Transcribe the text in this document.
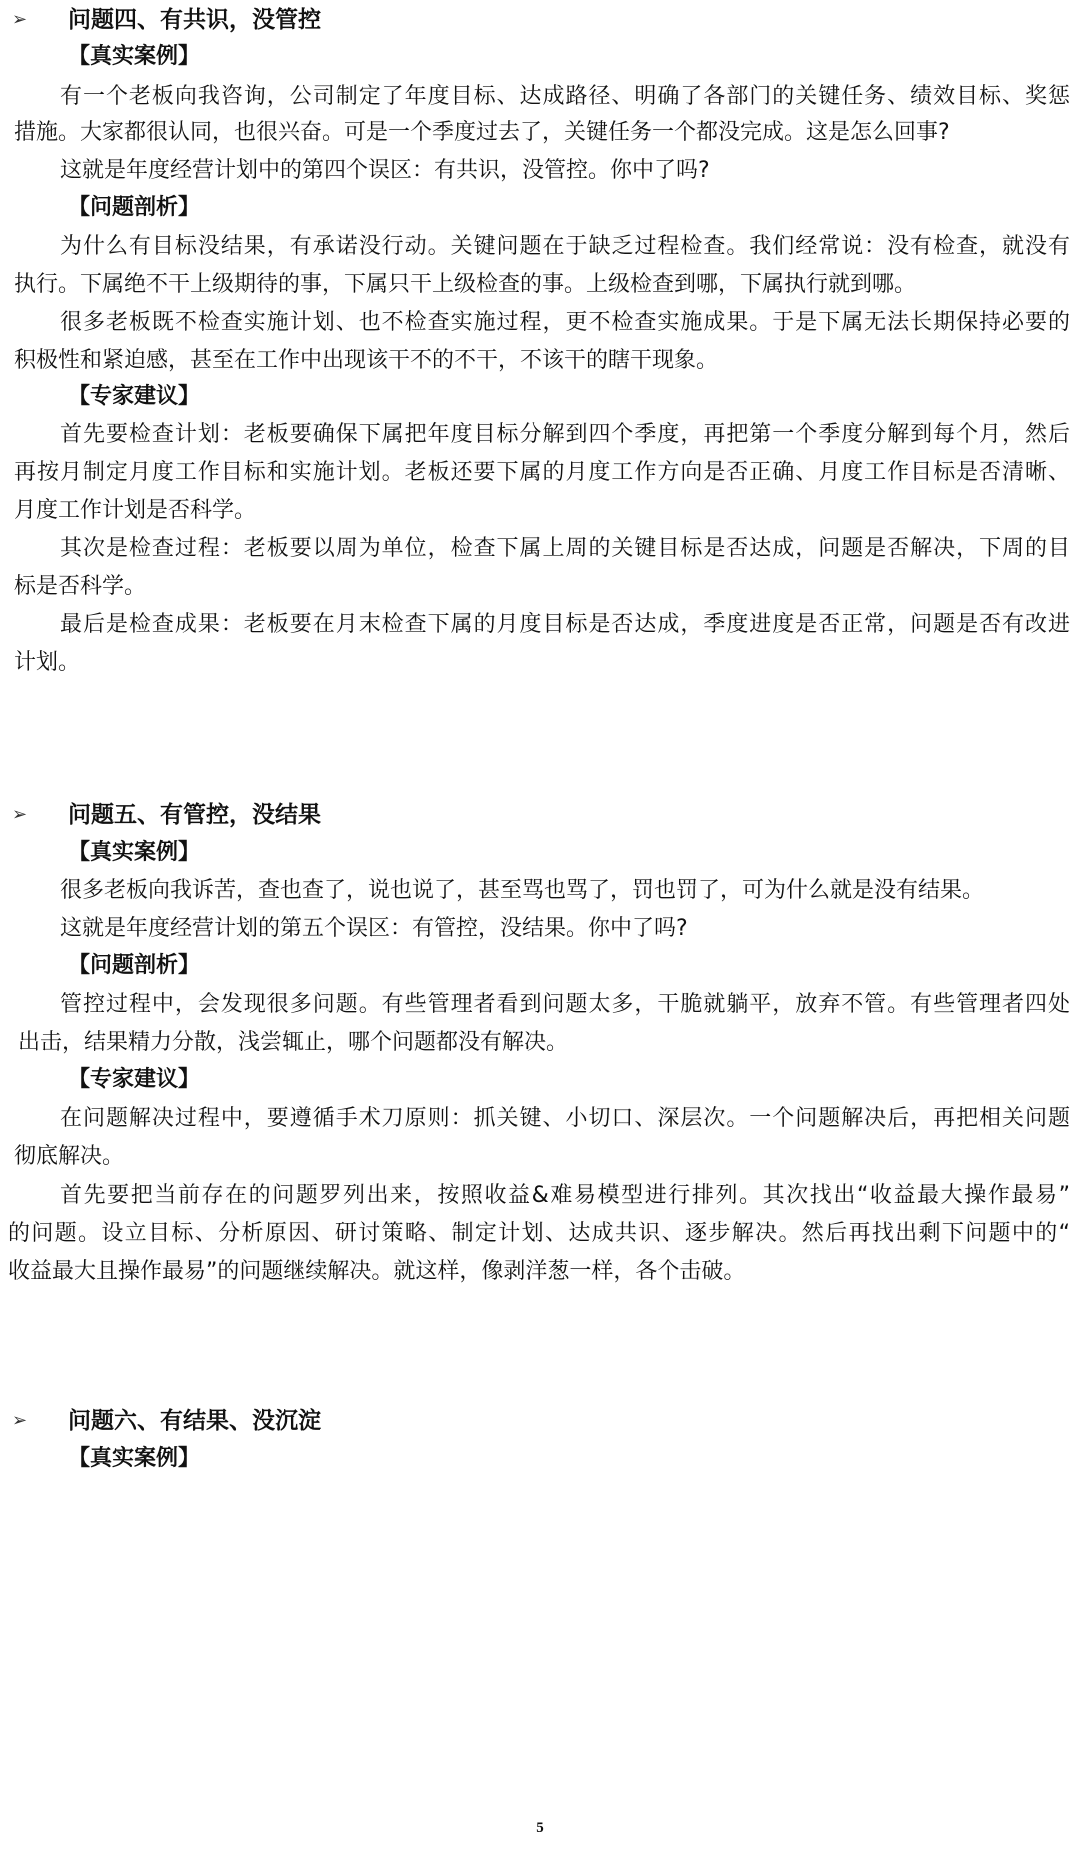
➢ 问题四、有共识，没管控
【真实案例】
有一个老板向我咨询，公司制定了年度目标、达成路径、明确了各部门的关键任务、绩效目标、奖惩
措施。大家都很认同，也很兴奋。可是一个季度过去了，关键任务一个都没完成。这是怎么回事?
这就是年度经营计划中的第四个误区：有共识，没管控。你中了吗?
【问题剖析】
为什么有目标没结果，有承诺没行动。关键问题在于缺乏过程检查。我们经常说：没有检查，就没有
执行。下属绝不干上级期待的事，下属只干上级检查的事。上级检查到哪，下属执行就到哪。
很多老板既不检查实施计划、也不检查实施过程，更不检查实施成果。于是下属无法长期保持必要的
积极性和紧迫感，甚至在工作中出现该干不的不干，不该干的瞎干现象。
【专家建议】
首先要检查计划：老板要确保下属把年度目标分解到四个季度，再把第一个季度分解到每个月，然后
再按月制定月度工作目标和实施计划。老板还要下属的月度工作方向是否正确、月度工作目标是否清晰、
月度工作计划是否科学。
其次是检查过程：老板要以周为单位，检查下属上周的关键目标是否达成，问题是否解决，下周的目
标是否科学。
最后是检查成果：老板要在月末检查下属的月度目标是否达成，季度进度是否正常，问题是否有改进
计划。
➢ 问题五、有管控，没结果
【真实案例】
很多老板向我诉苦，查也查了，说也说了，甚至骂也骂了，罚也罚了，可为什么就是没有结果。
这就是年度经营计划的第五个误区：有管控，没结果。你中了吗?
【问题剖析】
管控过程中，会发现很多问题。有些管理者看到问题太多，干脆就躺平，放弃不管。有些管理者四处
出击，结果精力分散，浅尝辄止，哪个问题都没有解决。
【专家建议】
在问题解决过程中，要遵循手术刀原则：抓关键、小切口、深层次。一个问题解决后，再把相关问题
彻底解决。
首先要把当前存在的问题罗列出来，按照收益&难易模型进行排列。其次找出“收益最大操作最易”
的问题。设立目标、分析原因、研讨策略、制定计划、达成共识、逐步解决。然后再找出剩下问题中的“
收益最大且操作最易”的问题继续解决。就这样，像剥洋葱一样，各个击破。
➢ 问题六、有结果、没沉淀
【真实案例】
5
